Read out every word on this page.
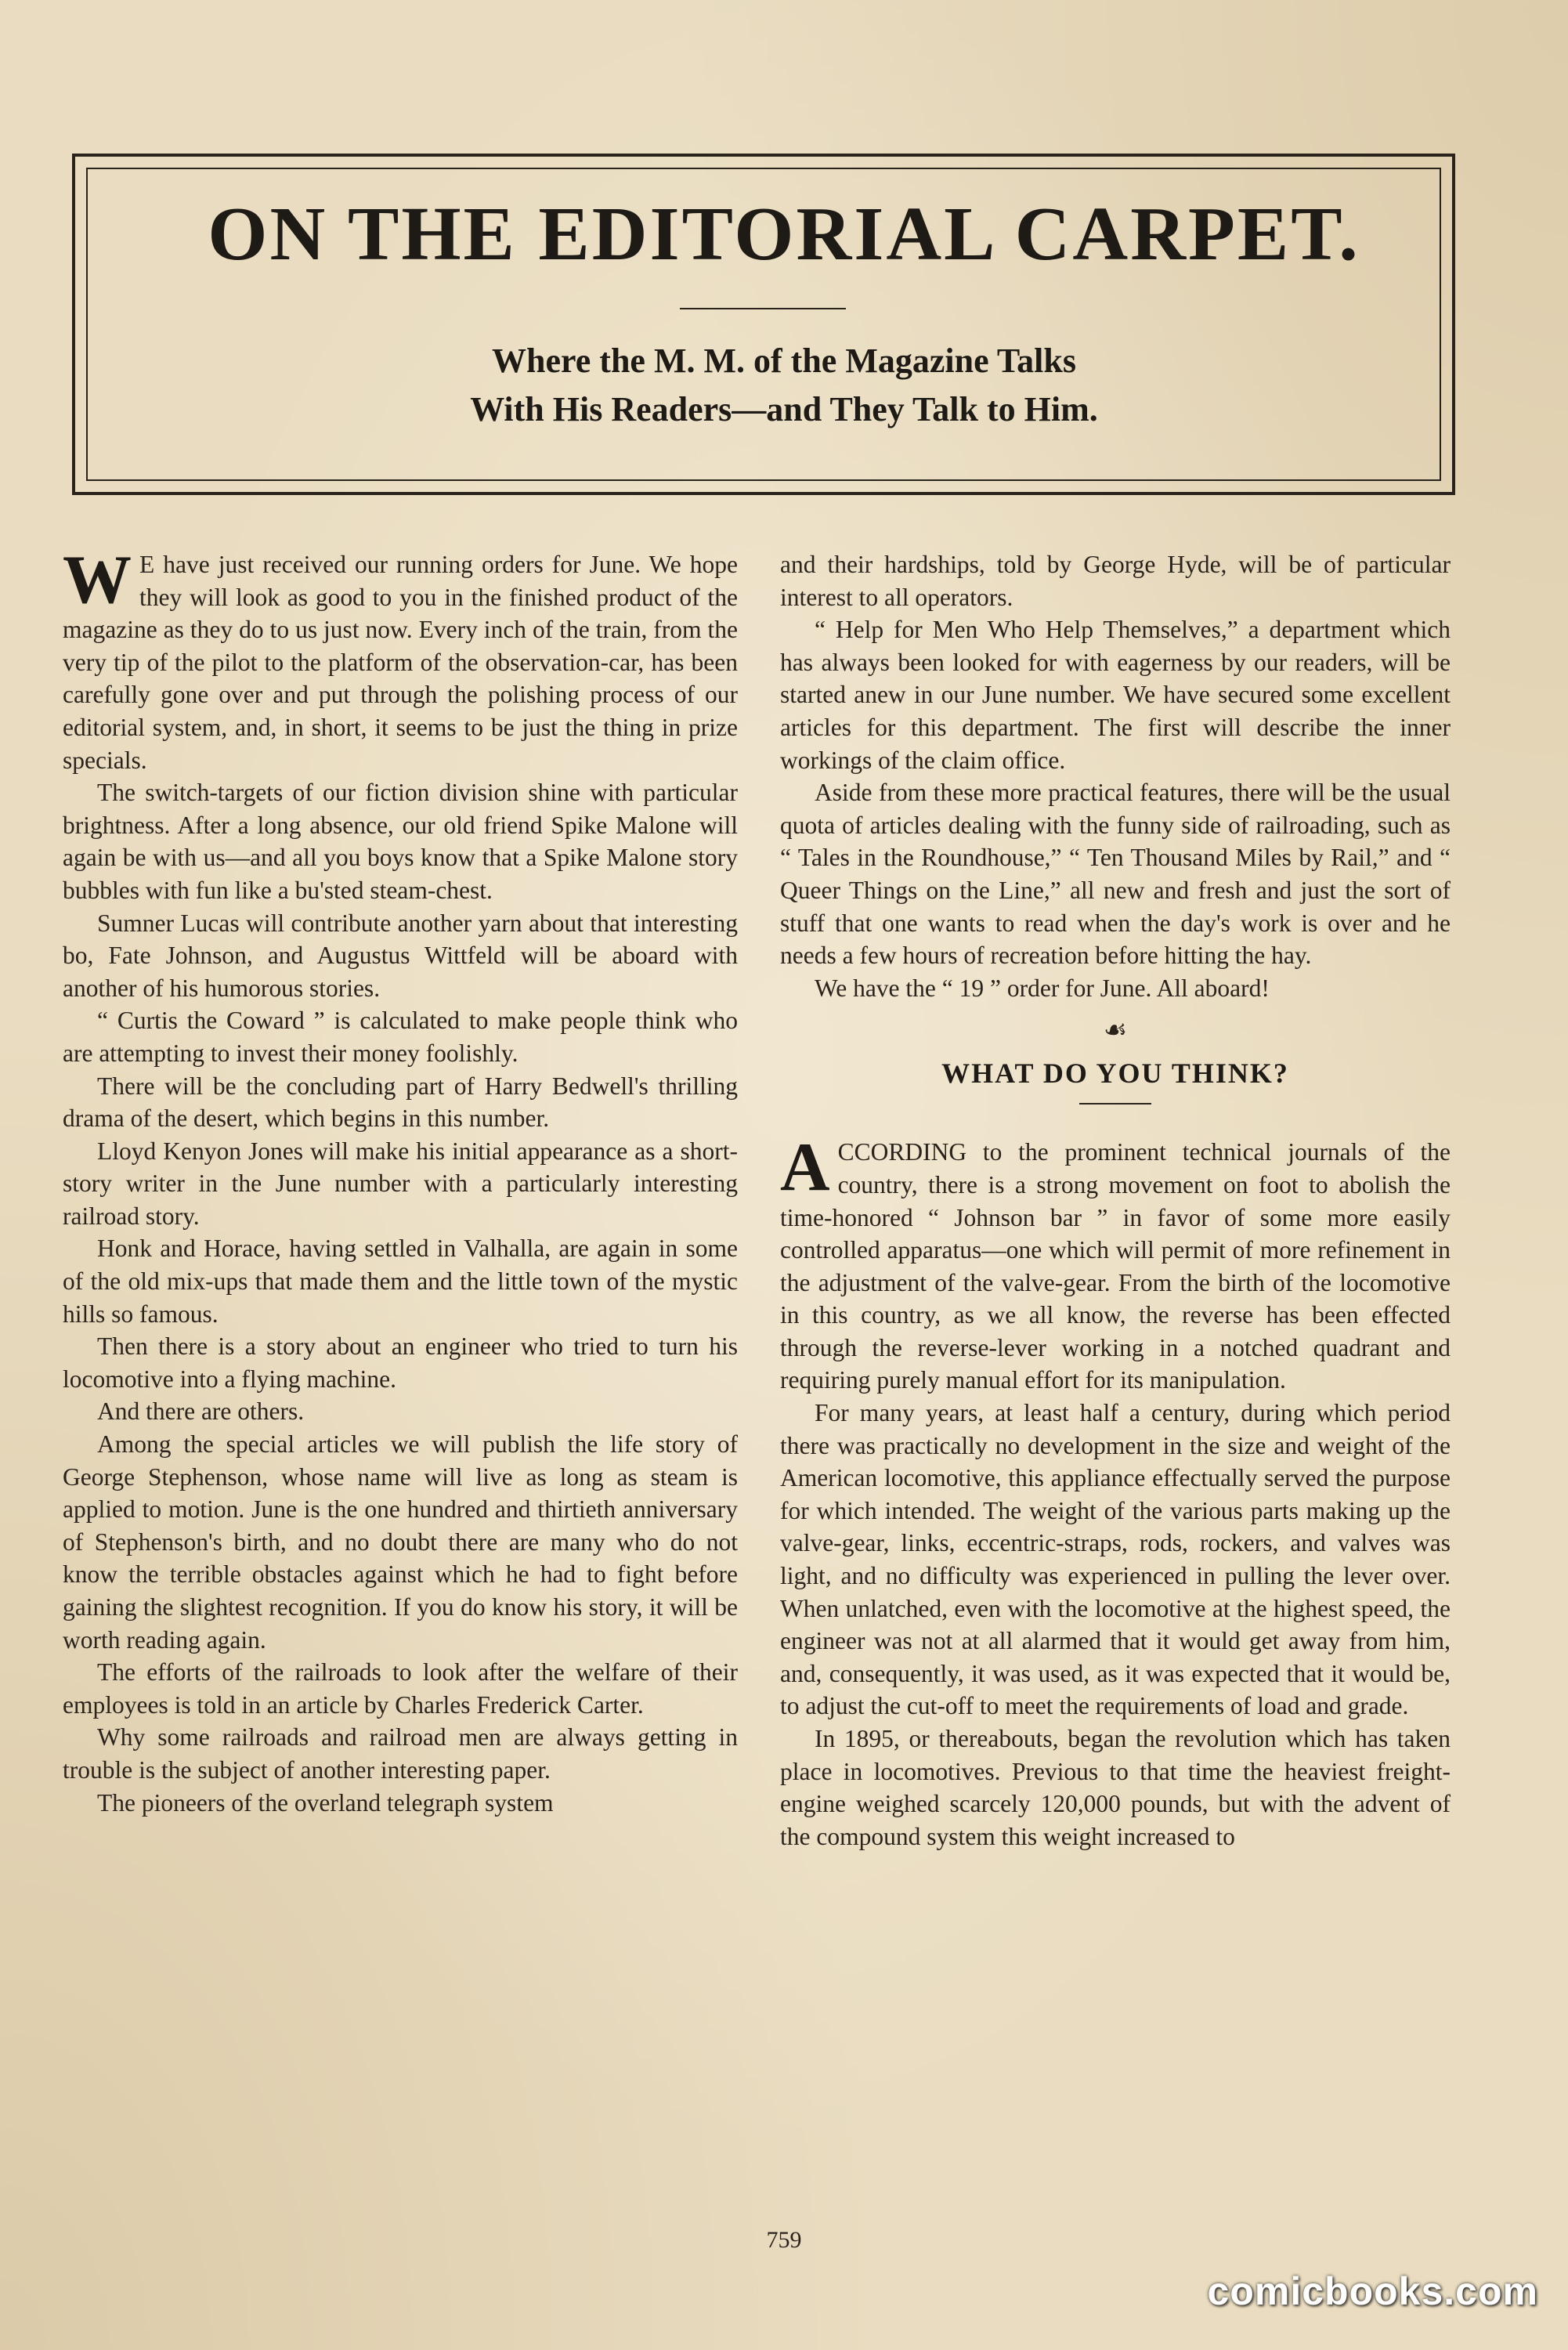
ON THE EDITORIAL CARPET.
Where the M. M. of the Magazine Talks
With His Readers—and They Talk to Him.

W E have just received our running orders for June. We hope they will look as good to you in the finished product of the magazine as they do to us just now. Every inch of the train, from the very tip of the pilot to the platform of the observation-car, has been carefully gone over and put through the polishing process of our editorial system, and, in short, it seems to be just the thing in prize specials.

The switch-targets of our fiction division shine with particular brightness. After a long absence, our old friend Spike Malone will again be with us—and all you boys know that a Spike Malone story bubbles with fun like a bu'sted steam-chest.

Sumner Lucas will contribute another yarn about that interesting bo, Fate Johnson, and Augustus Wittfeld will be aboard with another of his humorous stories.

“ Curtis the Coward ” is calculated to make people think who are attempting to invest their money foolishly.

There will be the concluding part of Harry Bedwell's thrilling drama of the desert, which begins in this number.

Lloyd Kenyon Jones will make his initial appearance as a short-story writer in the June number with a particularly interesting railroad story.

Honk and Horace, having settled in Valhalla, are again in some of the old mix-ups that made them and the little town of the mystic hills so famous.

Then there is a story about an engineer who tried to turn his locomotive into a flying machine.

And there are others.

Among the special articles we will publish the life story of George Stephenson, whose name will live as long as steam is applied to motion. June is the one hundred and thirtieth anniversary of Stephenson's birth, and no doubt there are many who do not know the terrible obstacles against which he had to fight before gaining the slightest recognition. If you do know his story, it will be worth reading again.

The efforts of the railroads to look after the welfare of their employees is told in an article by Charles Frederick Carter.

Why some railroads and railroad men are always getting in trouble is the subject of another interesting paper.

The pioneers of the overland telegraph system

and their hardships, told by George Hyde, will be of particular interest to all operators.

“ Help for Men Who Help Themselves,” a department which has always been looked for with eagerness by our readers, will be started anew in our June number. We have secured some excellent articles for this department. The first will describe the inner workings of the claim office.

Aside from these more practical features, there will be the usual quota of articles dealing with the funny side of railroading, such as “ Tales in the Roundhouse,” “ Ten Thousand Miles by Rail,” and “ Queer Things on the Line,” all new and fresh and just the sort of stuff that one wants to read when the day's work is over and he needs a few hours of recreation before hitting the hay.

We have the “ 19 ” order for June. All aboard!

☙
WHAT DO YOU THINK?

ACCORDING to the prominent technical journals of the country, there is a strong movement on foot to abolish the time-honored “ Johnson bar ” in favor of some more easily controlled apparatus—one which will permit of more refinement in the adjustment of the valve-gear. From the birth of the locomotive in this country, as we all know, the reverse has been effected through the reverse-lever working in a notched quadrant and requiring purely manual effort for its manipulation.

For many years, at least half a century, during which period there was practically no development in the size and weight of the American locomotive, this appliance effectually served the purpose for which intended. The weight of the various parts making up the valve-gear, links, eccentric-straps, rods, rockers, and valves was light, and no difficulty was experienced in pulling the lever over. When unlatched, even with the locomotive at the highest speed, the engineer was not at all alarmed that it would get away from him, and, consequently, it was used, as it was expected that it would be, to adjust the cut-off to meet the requirements of load and grade.

In 1895, or thereabouts, began the revolution which has taken place in locomotives. Previous to that time the heaviest freight-engine weighed scarcely 120,000 pounds, but with the advent of the compound system this weight increased to

759
comicbooks.com
